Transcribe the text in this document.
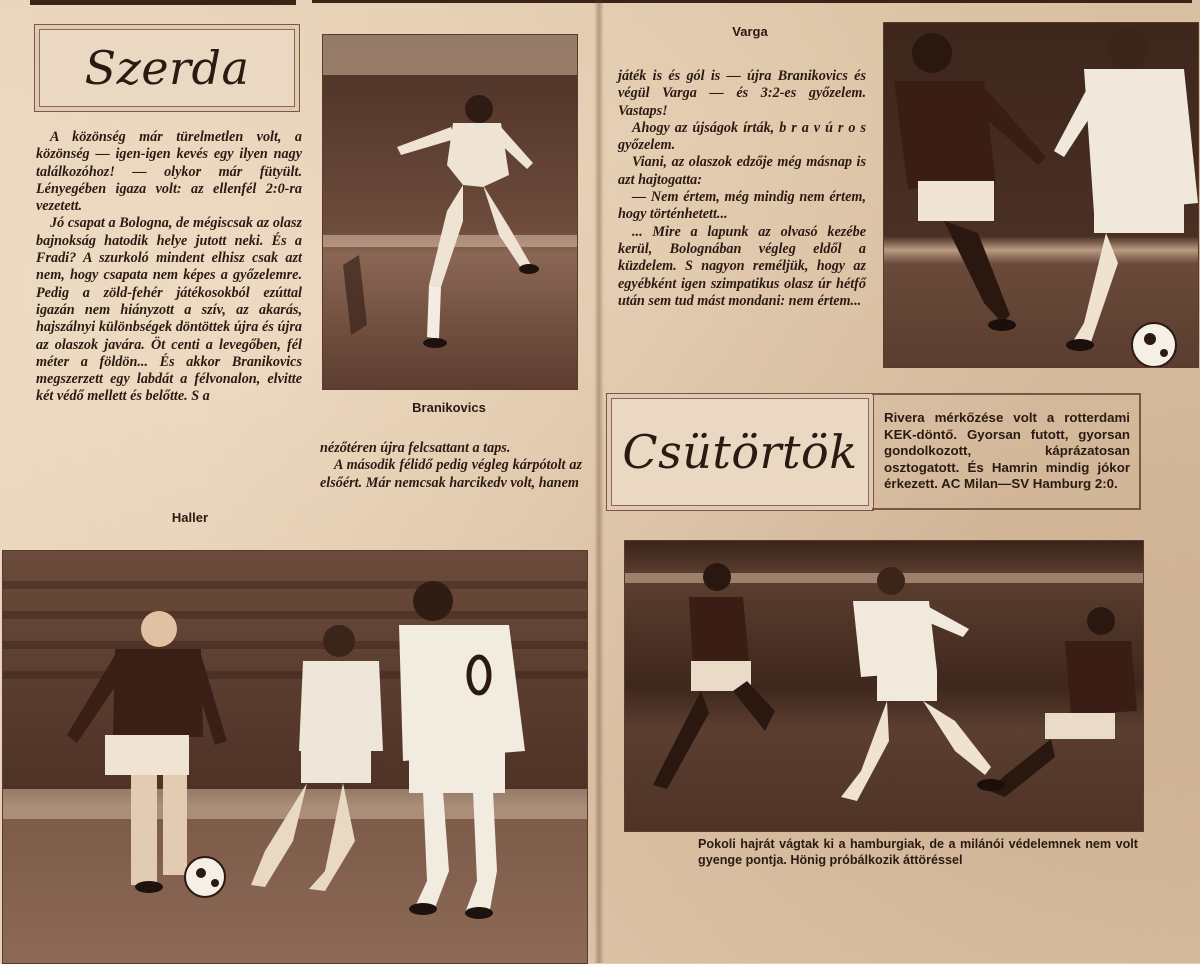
Szerda

A közönség már türelmetlen volt, a közönség — igen-igen kevés egy ilyen nagy találkozóhoz! — olykor már fütyült. Lényegében igaza volt: az ellenfél 2:0-ra vezetett.

Jó csapat a Bologna, de mégiscsak az olasz bajnokság hatodik helye jutott neki. És a Fradi? A szurkoló mindent elhisz csak azt nem, hogy csapata nem képes a győzelemre. Pedig a zöld-fehér játékosokból ezúttal igazán nem hiányzott a szív, az akarás, hajszálnyi különbségek döntöttek újra és újra az olaszok javára. Öt centi a levegőben, fél méter a földön... És akkor Branikovics megszerzett egy labdát a félvonalon, elvitte két védő mellett és belőtte. S a

Branikovics

nézőtéren újra felcsattant a taps.

A második félidő pedig végleg kárpótolt az elsőért. Már nemcsak harcikedv volt, hanem

Haller
Varga

játék is és gól is — újra Branikovics és végül Varga — és 3:2-es győzelem. Vastaps!

Ahogy az újságok írták, b r a v ú r o s győzelem.

Viani, az olaszok edzője még másnap is azt hajtogatta:

— Nem értem, még mindig nem értem, hogy történhetett...

... Mire a lapunk az olvasó kezébe kerül, Bolognában végleg eldől a küzdelem. S nagyon reméljük, hogy az egyébként igen szimpatikus olasz úr hétfő után sem tud mást mondani: nem értem...

Csütörtök
Rivera mérkőzése volt a rotterdami KEK-döntő. Gyorsan futott, gyorsan gondolkozott, káprázatosan osztogatott. És Hamrin mindig jókor érkezett. AC Milan—SV Hamburg 2:0.
Pokoli hajrát vágtak ki a hamburgiak, de a milánói védelemnek nem volt gyenge pontja. Hönig próbálkozik áttöréssel
